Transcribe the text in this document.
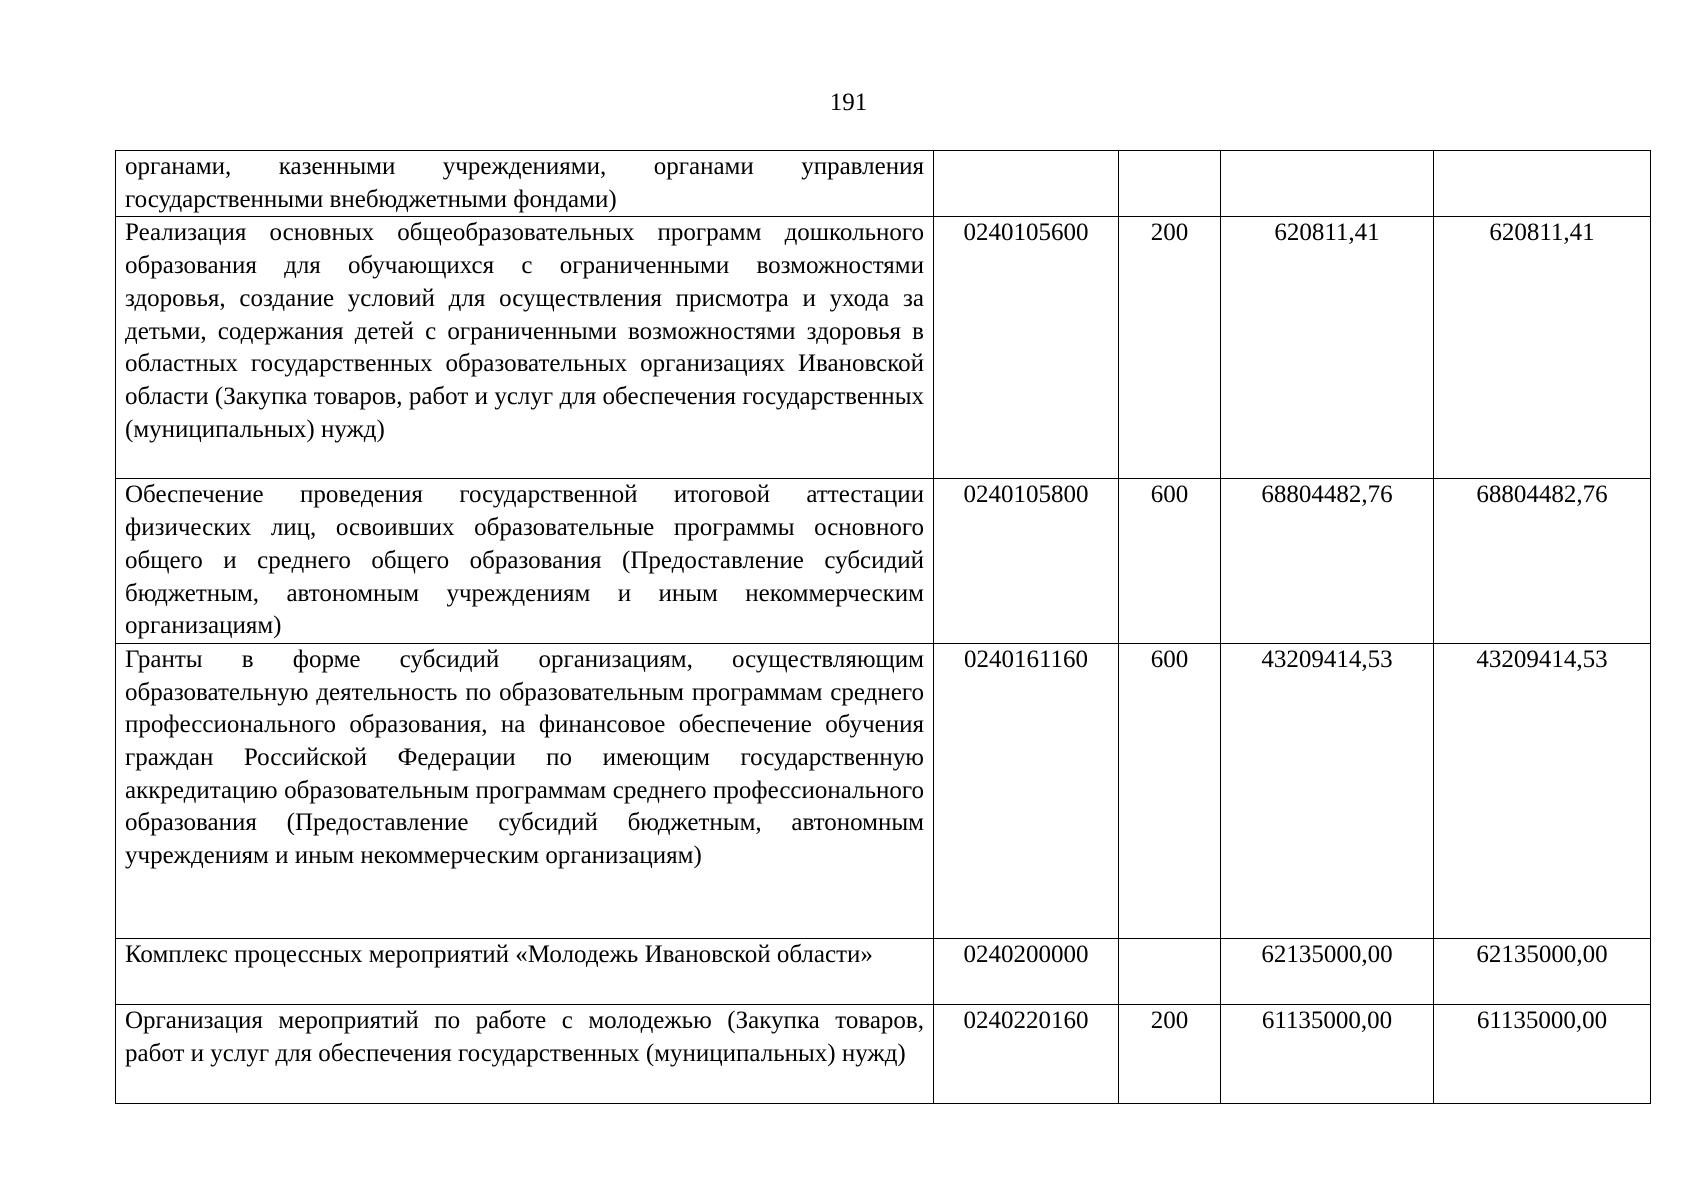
191
органами, казенными учреждениями, органами управления государственными внебюджетными фондами)				
Реализация основных общеобразовательных программ дошкольного образования для обучающихся с ограниченными возможностями здоровья, создание условий для осуществления присмотра и ухода за детьми, содержания детей с ограниченными возможностями здоровья в областных государственных образовательных организациях Ивановской области (Закупка товаров, работ и услуг для обеспечения государственных (муниципальных) нужд)	0240105600	200	620811,41	620811,41
Обеспечение проведения государственной итоговой аттестации физических лиц, освоивших образовательные программы основного общего и среднего общего образования (Предоставление субсидий бюджетным, автономным учреждениям и иным некоммерческим организациям)	0240105800	600	68804482,76	68804482,76
Гранты в форме субсидий организациям, осуществляющим образовательную деятельность по образовательным программам среднего профессионального образования, на финансовое обеспечение обучения граждан Российской Федерации по имеющим государственную аккредитацию образовательным программам среднего профессионального образования (Предоставление субсидий бюджетным, автономным учреждениям и иным некоммерческим организациям)	0240161160	600	43209414,53	43209414,53
Комплекс процессных мероприятий «Молодежь Ивановской области»	0240200000		62135000,00	62135000,00
Организация мероприятий по работе с молодежью (Закупка товаров, работ и услуг для обеспечения государственных (муниципальных) нужд)	0240220160	200	61135000,00	61135000,00
